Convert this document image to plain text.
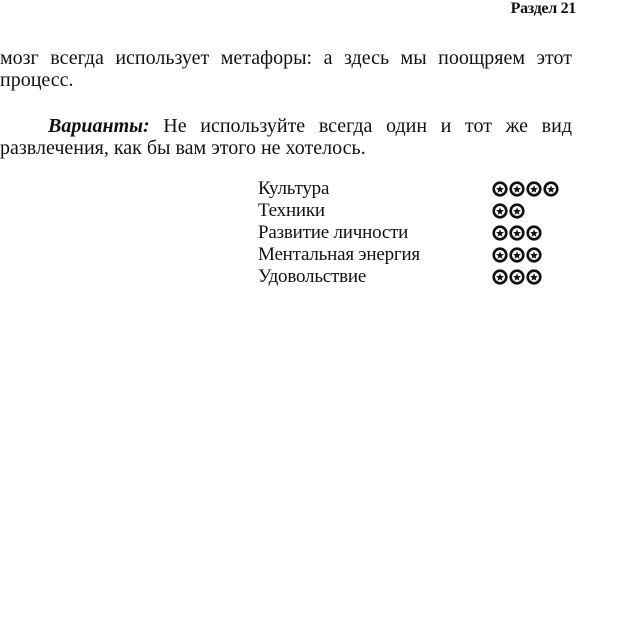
Раздел 21

мозг всегда использует метафоры: а здесь мы поощряем этот процесс.

Варианты: Не используйте всегда один и тот же вид развлечения, как бы вам этого не хотелось.

Культура
Техники
Развитие личности
Ментальная энергия
Удовольствие
